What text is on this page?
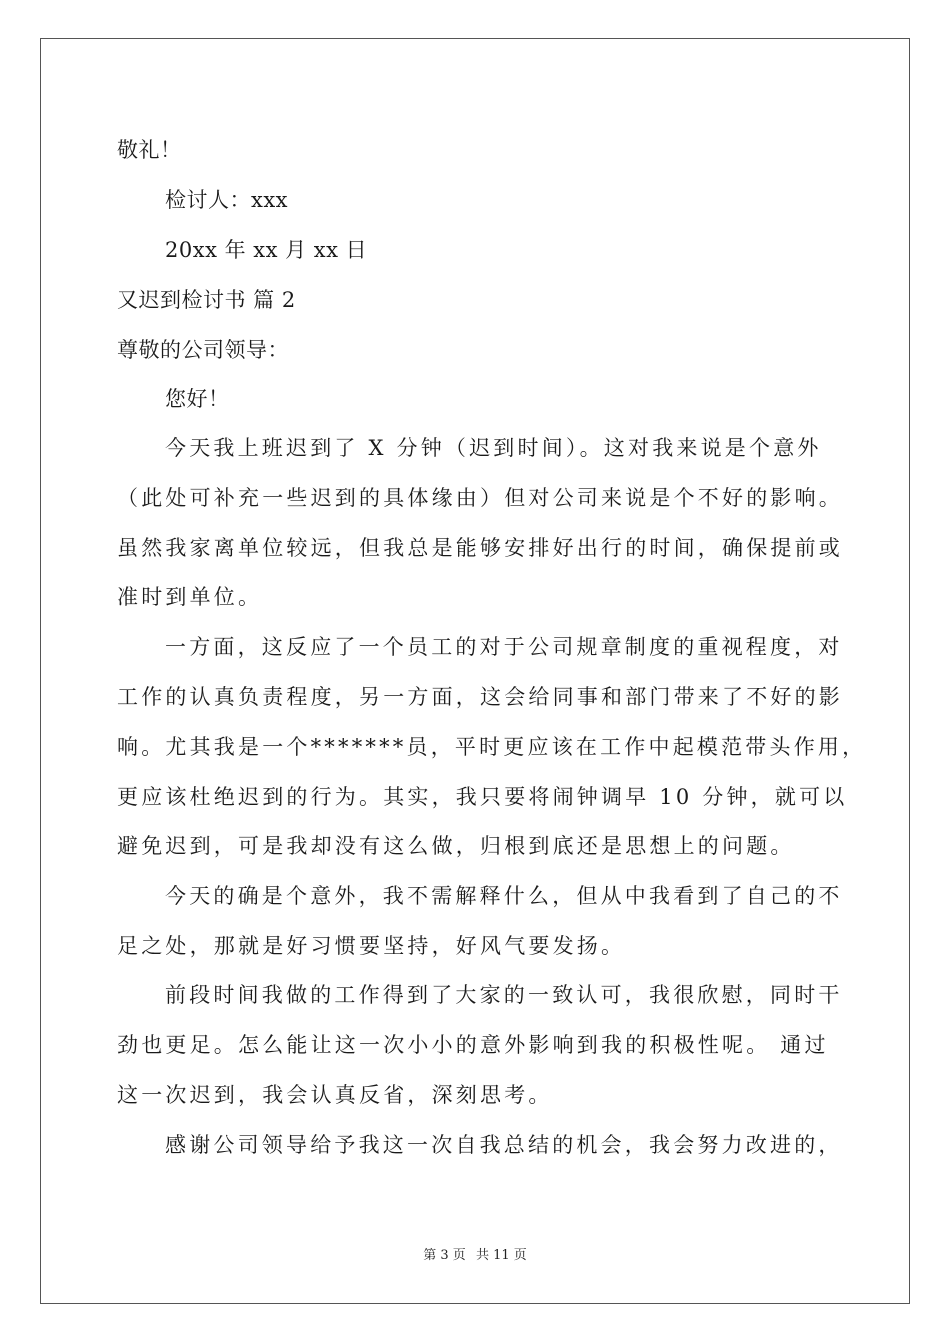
敬礼！
检讨人：xxx
20xx 年 xx 月 xx 日
又迟到检讨书 篇 2
尊敬的公司领导：
您好！
今天我上班迟到了 X 分钟（迟到时间）。这对我来说是个意外
（此处可补充一些迟到的具体缘由）但对公司来说是个不好的影响。
虽然我家离单位较远，但我总是能够安排好出行的时间，确保提前或
准时到单位。
一方面，这反应了一个员工的对于公司规章制度的重视程度，对
工作的认真负责程度，另一方面，这会给同事和部门带来了不好的影
响。尤其我是一个*******员，平时更应该在工作中起模范带头作用，
更应该杜绝迟到的行为。其实，我只要将闹钟调早 10 分钟，就可以
避免迟到，可是我却没有这么做，归根到底还是思想上的问题。
今天的确是个意外，我不需解释什么，但从中我看到了自己的不
足之处，那就是好习惯要坚持，好风气要发扬。
前段时间我做的工作得到了大家的一致认可，我很欣慰，同时干
劲也更足。怎么能让这一次小小的意外影响到我的积极性呢。 通过
这一次迟到，我会认真反省，深刻思考。
感谢公司领导给予我这一次自我总结的机会，我会努力改进的，
第 3 页 共 11 页
